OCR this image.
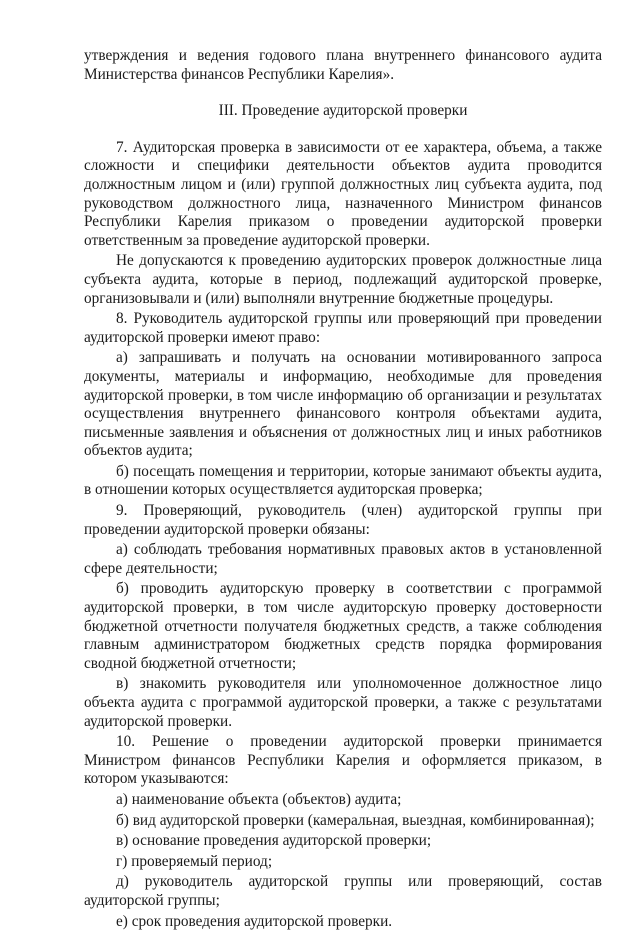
утверждения и ведения годового плана внутреннего финансового аудита Министерства финансов Республики Карелия».

III. Проведение аудиторской проверки

7. Аудиторская проверка в зависимости от ее характера, объема, а также сложности и специфики деятельности объектов аудита проводится должностным лицом и (или) группой должностных лиц субъекта аудита, под руководством должностного лица, назначенного Министром финансов Республики Карелия приказом о проведении аудиторской проверки ответственным за проведение аудиторской проверки.

Не допускаются к проведению аудиторских проверок должностные лица субъекта аудита, которые в период, подлежащий аудиторской проверке, организовывали и (или) выполняли внутренние бюджетные процедуры.

8. Руководитель аудиторской группы или проверяющий при проведении аудиторской проверки имеют право:

а) запрашивать и получать на основании мотивированного запроса документы, материалы и информацию, необходимые для проведения аудиторской проверки, в том числе информацию об организации и результатах осуществления внутреннего финансового контроля объектами аудита, письменные заявления и объяснения от должностных лиц и иных работников объектов аудита;

б) посещать помещения и территории, которые занимают объекты аудита, в отношении которых осуществляется аудиторская проверка;

9. Проверяющий, руководитель (член) аудиторской группы при проведении аудиторской проверки обязаны:

а) соблюдать требования нормативных правовых актов в установленной сфере деятельности;

б) проводить аудиторскую проверку в соответствии с программой аудиторской проверки, в том числе аудиторскую проверку достоверности бюджетной отчетности получателя бюджетных средств, а также соблюдения главным администратором бюджетных средств порядка формирования сводной бюджетной отчетности;

в) знакомить руководителя или уполномоченное должностное лицо объекта аудита с программой аудиторской проверки, а также с результатами аудиторской проверки.

10. Решение о проведении аудиторской проверки принимается Министром финансов Республики Карелия и оформляется приказом, в котором указываются:

а) наименование объекта (объектов) аудита;

б) вид аудиторской проверки (камеральная, выездная, комбинированная);

в) основание проведения аудиторской проверки;

г) проверяемый период;

д) руководитель аудиторской группы или проверяющий, состав аудиторской группы;

е) срок проведения аудиторской проверки.
